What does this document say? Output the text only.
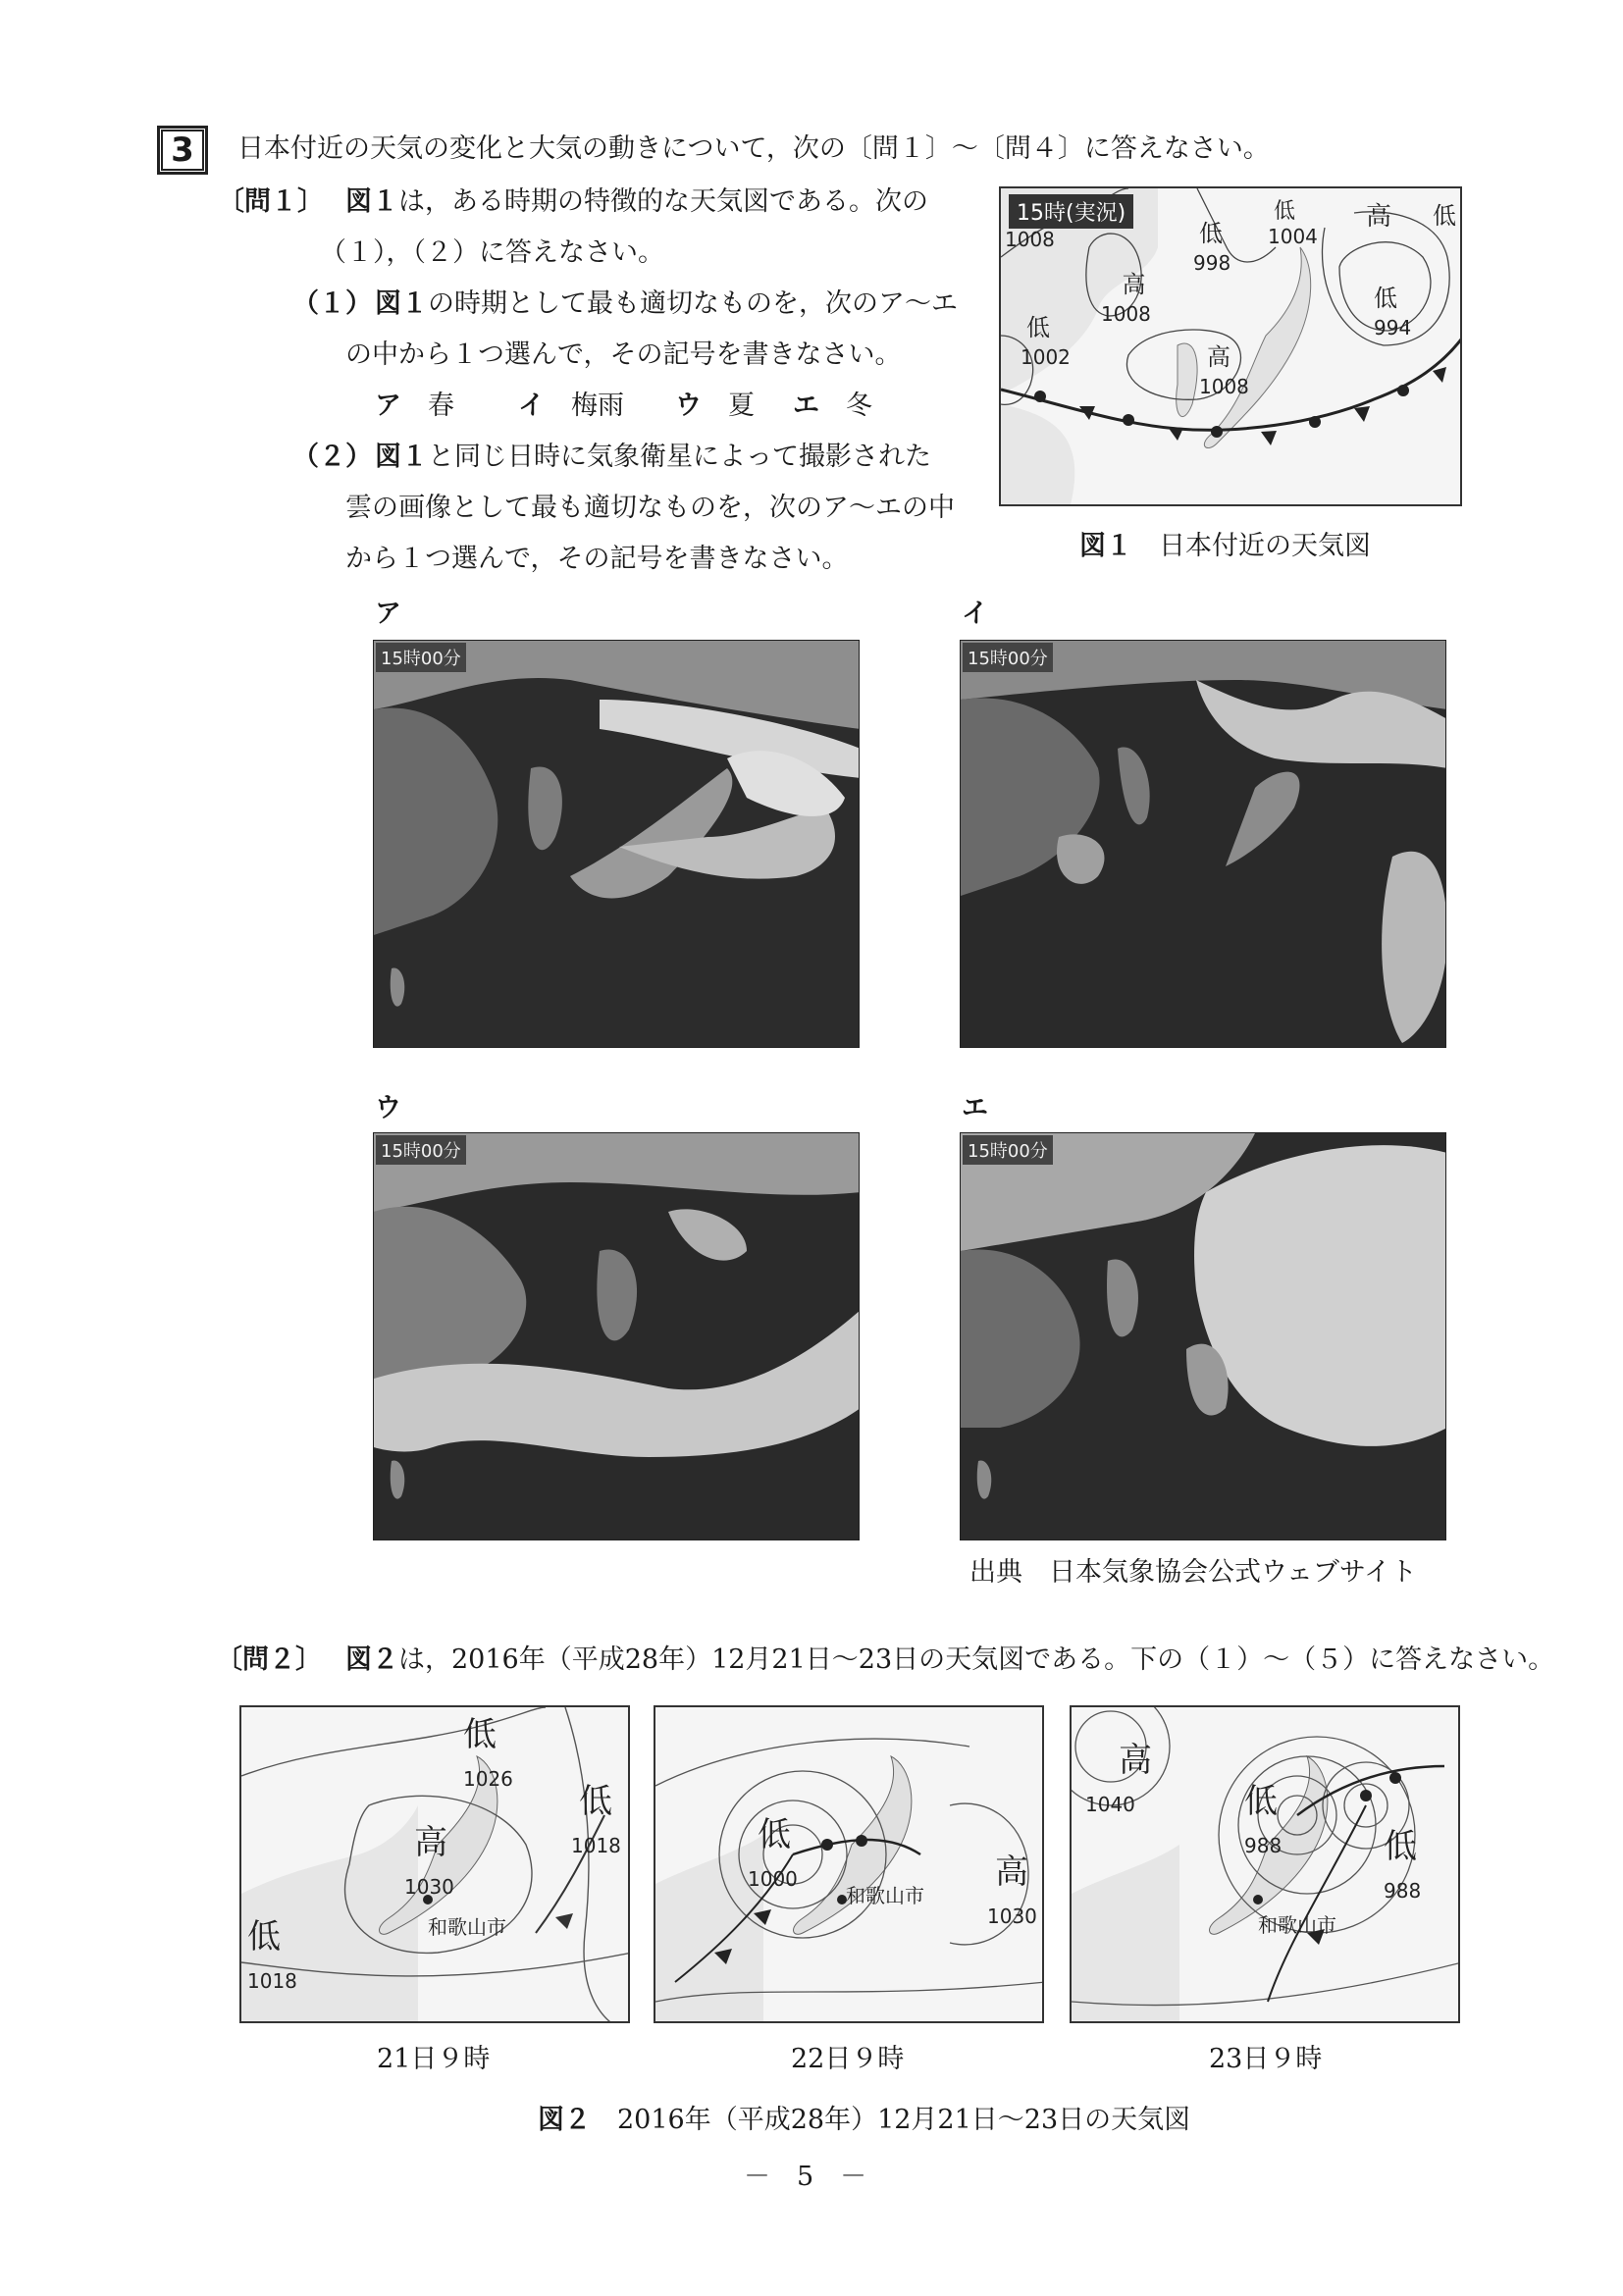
3	日本付近の天気の変化と大気の動きについて，次の〔問１〕～〔問４〕に答えなさい。
〔問１〕 図１は，ある時期の特徴的な天気図である。次の
（１），（２）に答えなさい。
（１） 図１の時期として最も適切なものを，次のア～エ
の中から１つ選んで，その記号を書きなさい。
ア　 春 イ　 梅雨 ウ　 夏 エ　 冬
（２） 図１と同じ日時に気象衛星によって撮影された
雲の画像として最も適切なものを，次のア～エの中
から１つ選んで，その記号を書きなさい。
15時(実況)	低
1004
高 低
1008	低
998
高
1008
低
994
低
1002	高
1008
図１　 日本付近の天気図
ア
15時00分
イ
15時00分
ウ
15時00分
エ
15時00分
出典　日本気象協会公式ウェブサイト
〔問２〕 図２は，2016年（平成28年）12月21日～23日の天気図である。下の（１）～（５）に答えなさい。
低
1026
低
1018
高
1030
低
1018
和歌山市
低
1000	高
1030
和歌山市
高
1040	低
988	低
988
和歌山市
21日９時	22日９時	23日９時
図２　 2016年（平成28年）12月21日～23日の天気図
－　5　－
